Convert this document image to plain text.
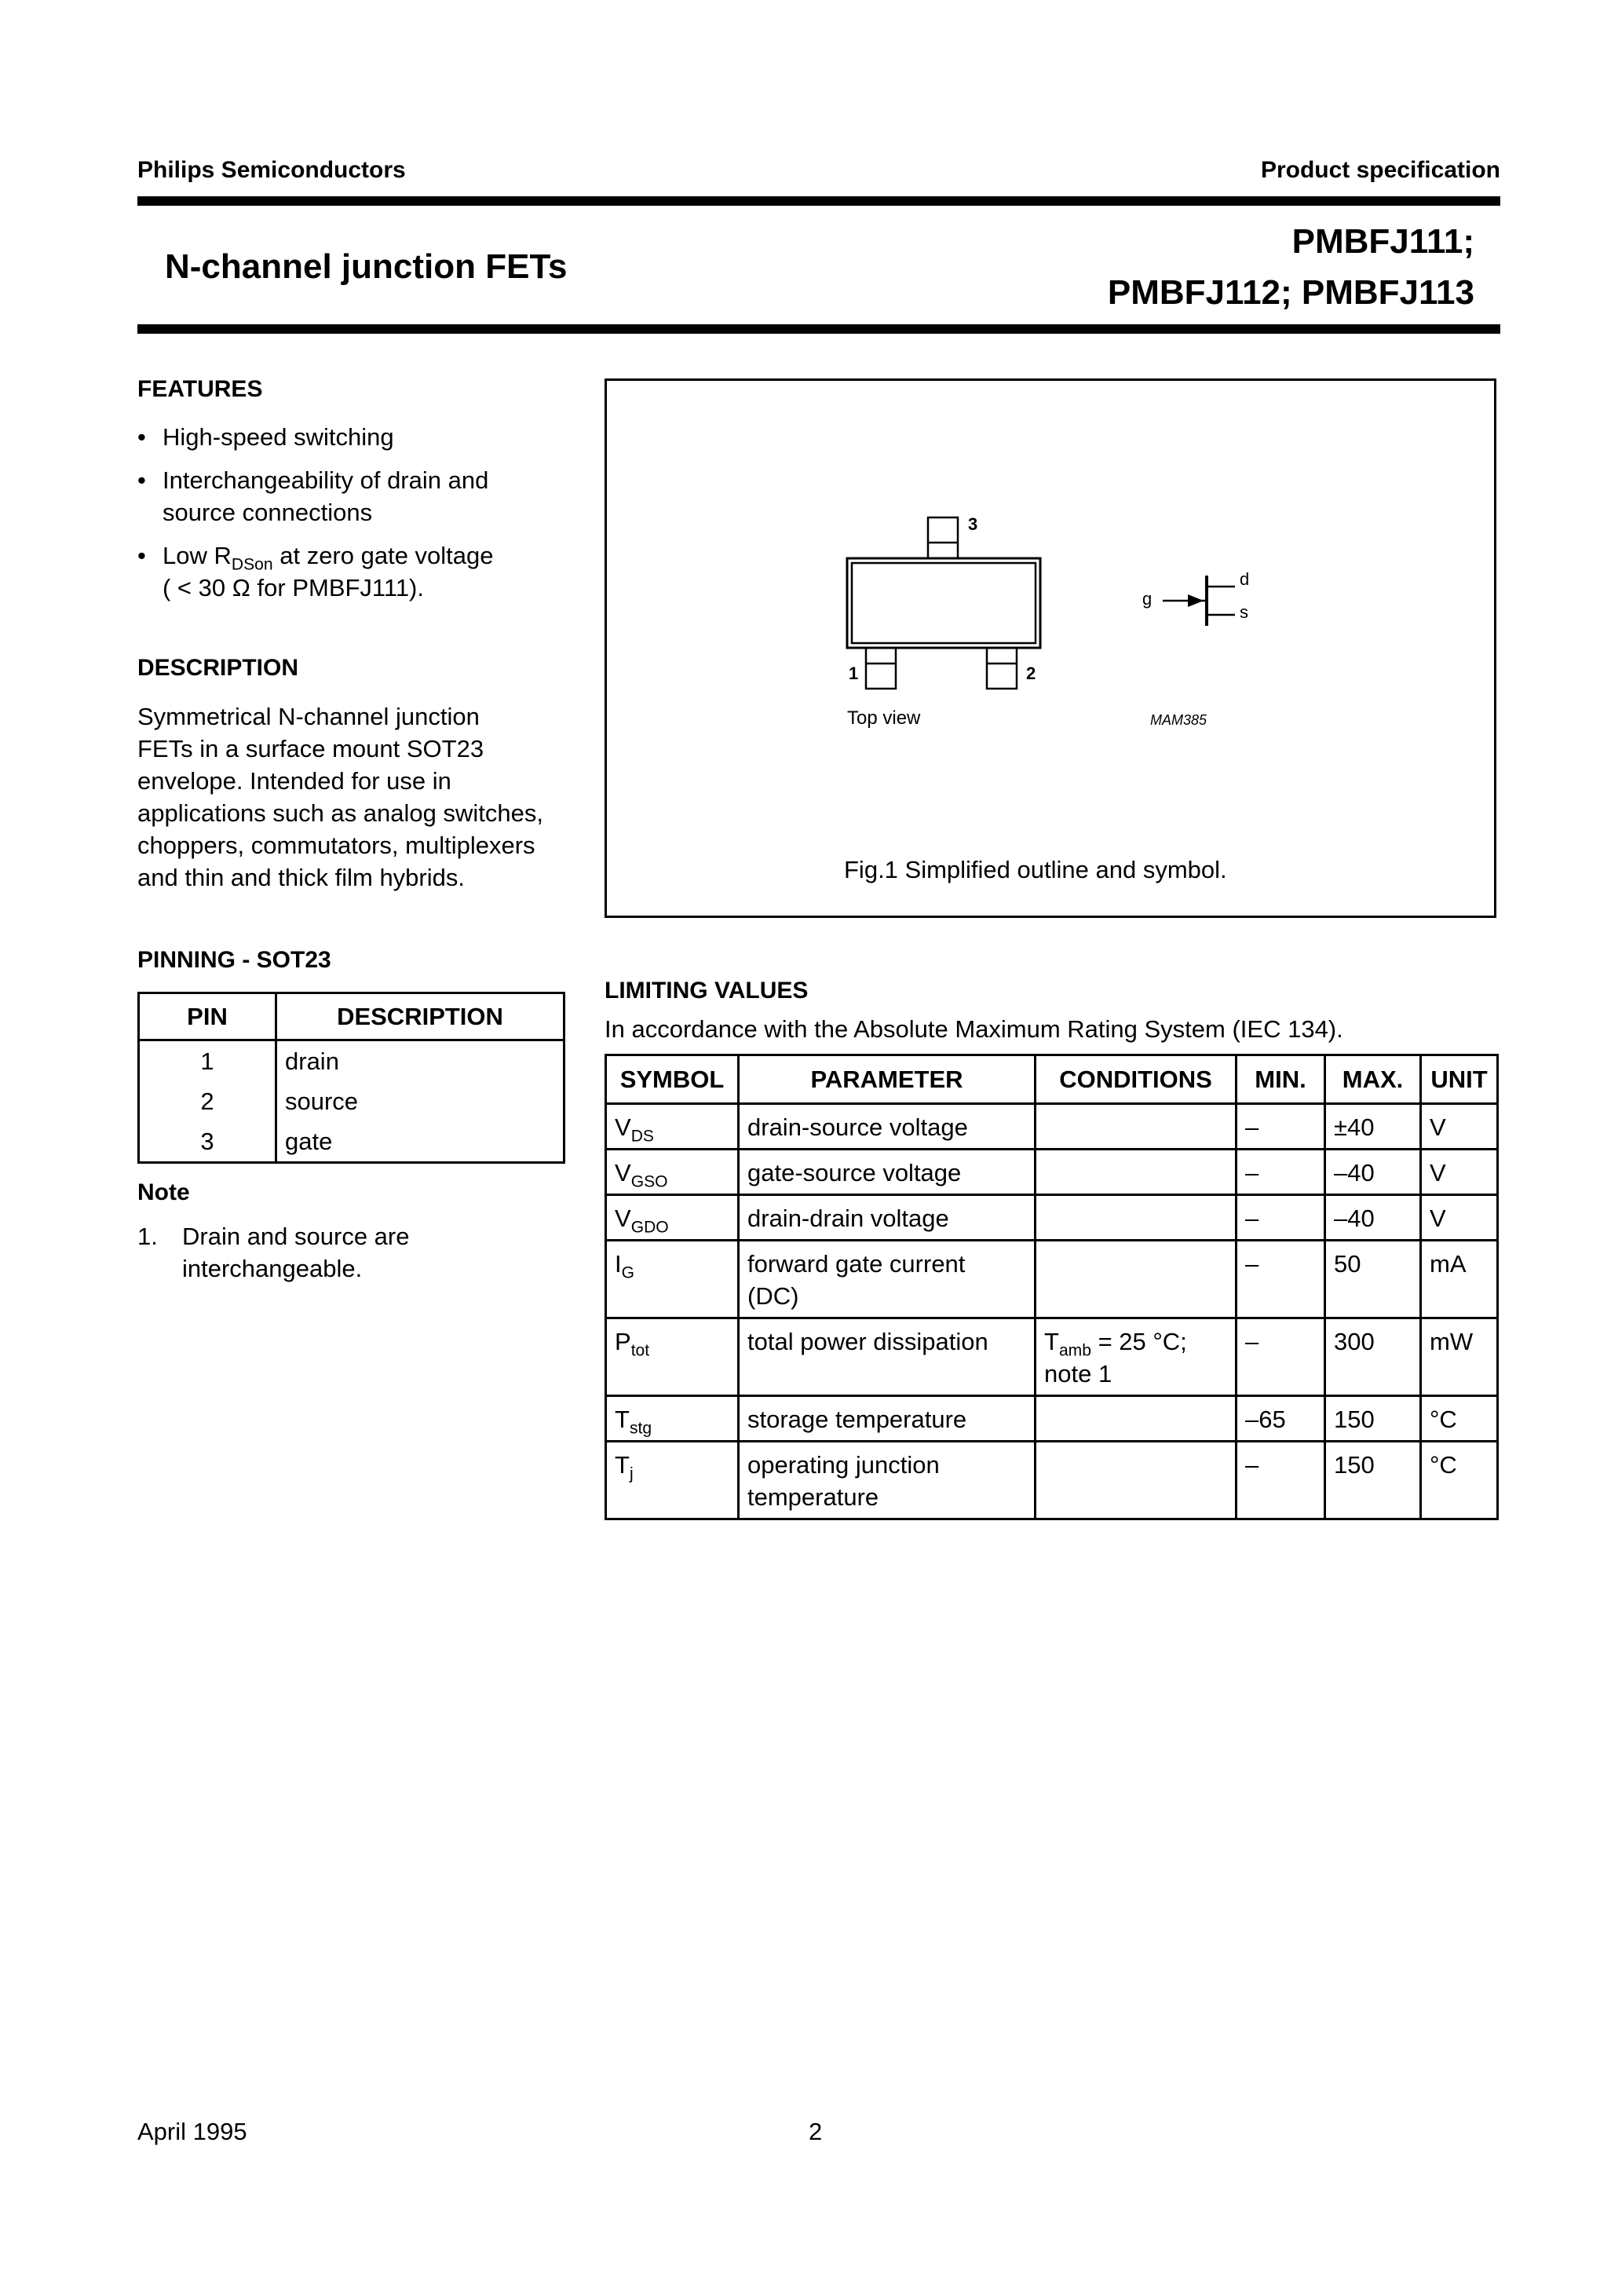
Philips Semiconductors	Product specification
N-channel junction FETs
PMBFJ111;
PMBFJ112; PMBFJ113
FEATURES
• High-speed switching
• Interchangeability of drain and
source connections
• Low $R_{DSon}$ at zero gate voltage
( < 30 Ω for PMBFJ111).
DESCRIPTION
Symmetrical N-channel junction
FETs in a surface mount SOT23
envelope. Intended for use in
applications such as analog switches,
choppers, commutators, multiplexers
and thin and thick film hybrids.
3
1	2
Top view	MAM385
g
d
s
Fig.1 Simplified outline and symbol.
PINNING - SOT23
PIN	DESCRIPTION
1	drain
2	source
3	gate
Note
1. Drain and source are
interchangeable.
LIMITING VALUES
In accordance with the Absolute Maximum Rating System (IEC 134).
SYMBOL	PARAMETER	CONDITIONS	MIN.	MAX.	UNIT
$V_{DS}$	drain-source voltage		–	±40	V
$V_{GSO}$	gate-source voltage		–	–40	V
$V_{GDO}$	drain-drain voltage		–	–40	V
$I_G$	forward gate current
(DC)		–	50	mA
$P_{tot}$	total power dissipation	$T_{amb} = 25$ °C;
note 1	–	300	mW
$T_{stg}$	storage temperature		–65	150	°C
$T_j$	operating junction
temperature		–	150	°C
April 1995	2
